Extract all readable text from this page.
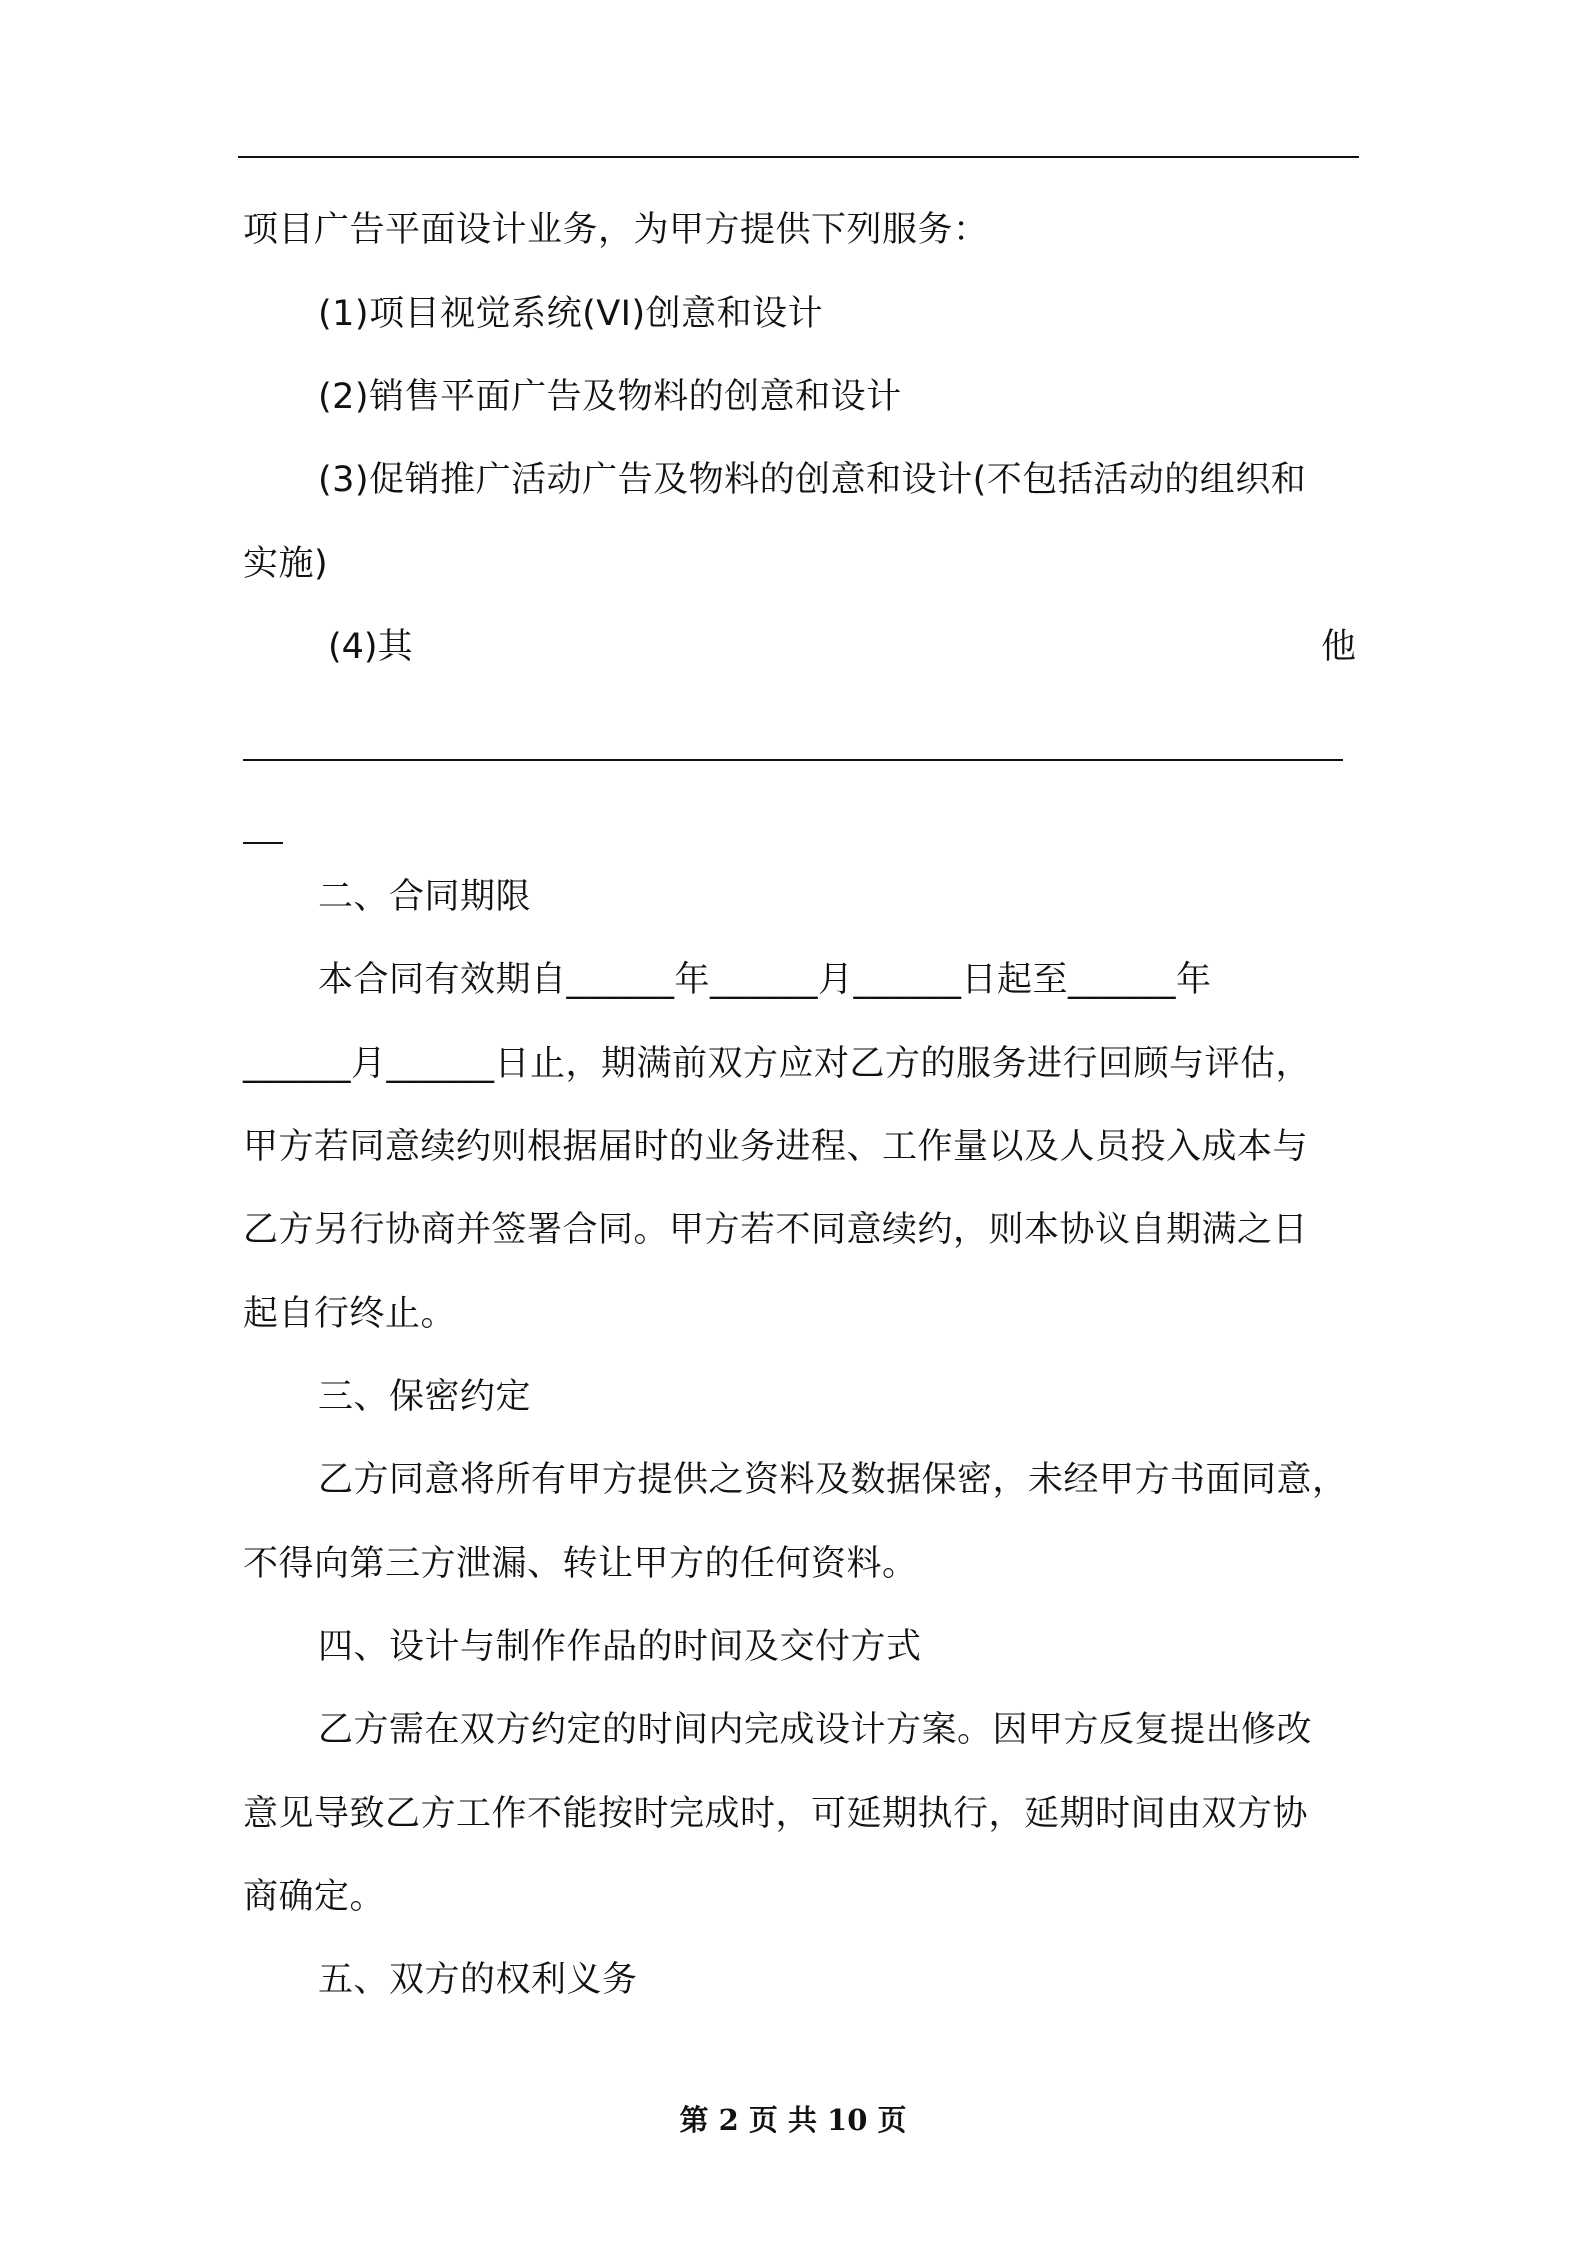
项目广告平面设计业务，为甲方提供下列服务：
(1)项目视觉系统(VI)创意和设计
(2)销售平面广告及物料的创意和设计
(3)促销推广活动广告及物料的创意和设计(不包括活动的组织和
实施)
(4)其	他
二、合同期限
本合同有效期自______年______月______日起至______年
______月______日止，期满前双方应对乙方的服务进行回顾与评估，
甲方若同意续约则根据届时的业务进程、工作量以及人员投入成本与
乙方另行协商并签署合同。甲方若不同意续约，则本协议自期满之日
起自行终止。
三、保密约定
乙方同意将所有甲方提供之资料及数据保密，未经甲方书面同意，
不得向第三方泄漏、转让甲方的任何资料。
四、设计与制作作品的时间及交付方式
乙方需在双方约定的时间内完成设计方案。因甲方反复提出修改
意见导致乙方工作不能按时完成时，可延期执行，延期时间由双方协
商确定。
五、双方的权利义务
第 2 页 共 10 页
